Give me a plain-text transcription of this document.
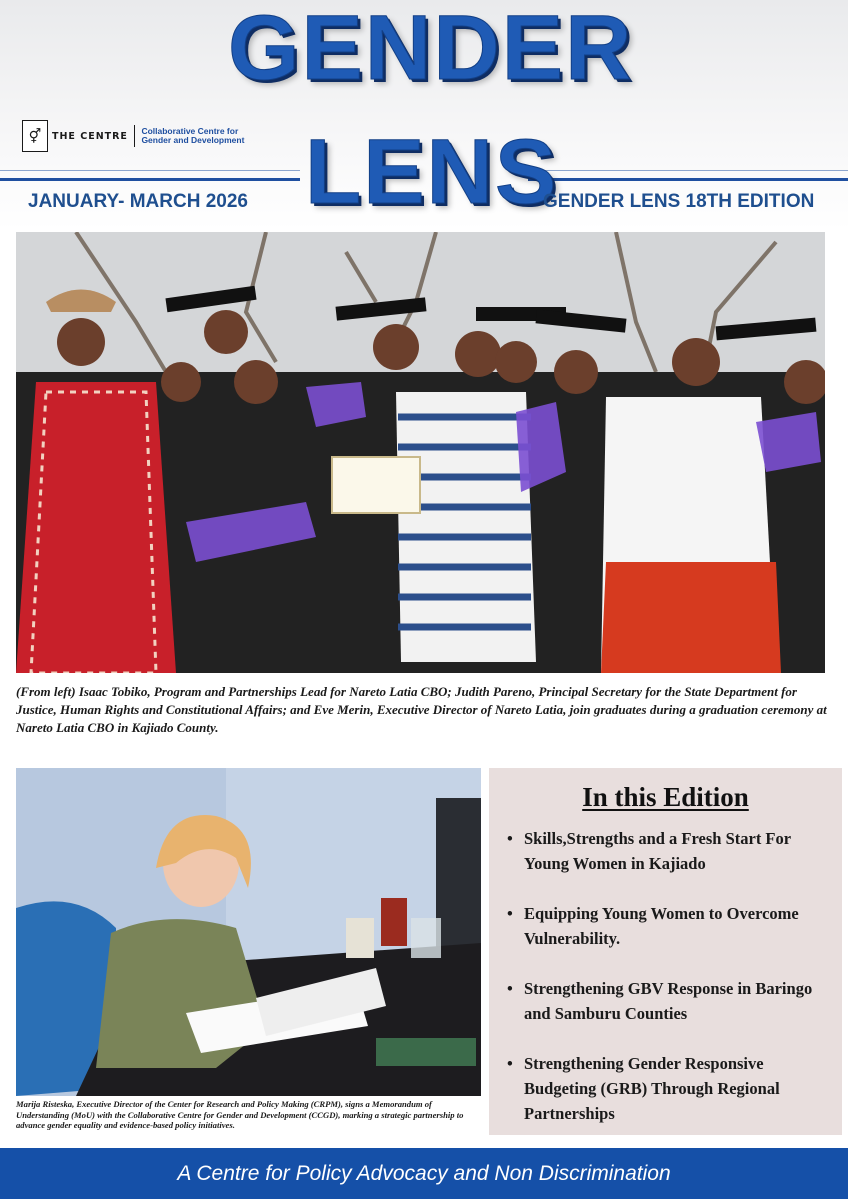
GENDER
LENS
⚥	THE CENTRE Collaborative Centre for
Gender and Development
JANUARY- MARCH 2026	GENDER LENS 18TH EDITION
(From left) Isaac Tobiko, Program and Partnerships Lead for Nareto Latia CBO; Judith Pareno, Principal Secretary for the State Department for Justice, Human Rights and Constitutional Affairs; and Eve Merin, Executive Director of Nareto Latia, join graduates during a graduation ceremony at Nareto Latia CBO in Kajiado County.
Marija Risteska, Executive Director of the Center for Research and Policy Making (CRPM), signs a Memorandum of Understanding (MoU) with the Collaborative Centre for Gender and Development (CCGD), marking a strategic partnership to advance gender equality and evidence-based policy initiatives.
In this Edition
• Skills,Strengths and a Fresh Start For Young Women in Kajiado
• Equipping Young Women to Overcome Vulnerability.
• Strengthening GBV Response in Baringo and Samburu Counties
• Strengthening Gender Responsive Budgeting (GRB) Through Regional Partnerships
A Centre for Policy Advocacy and Non Discrimination
